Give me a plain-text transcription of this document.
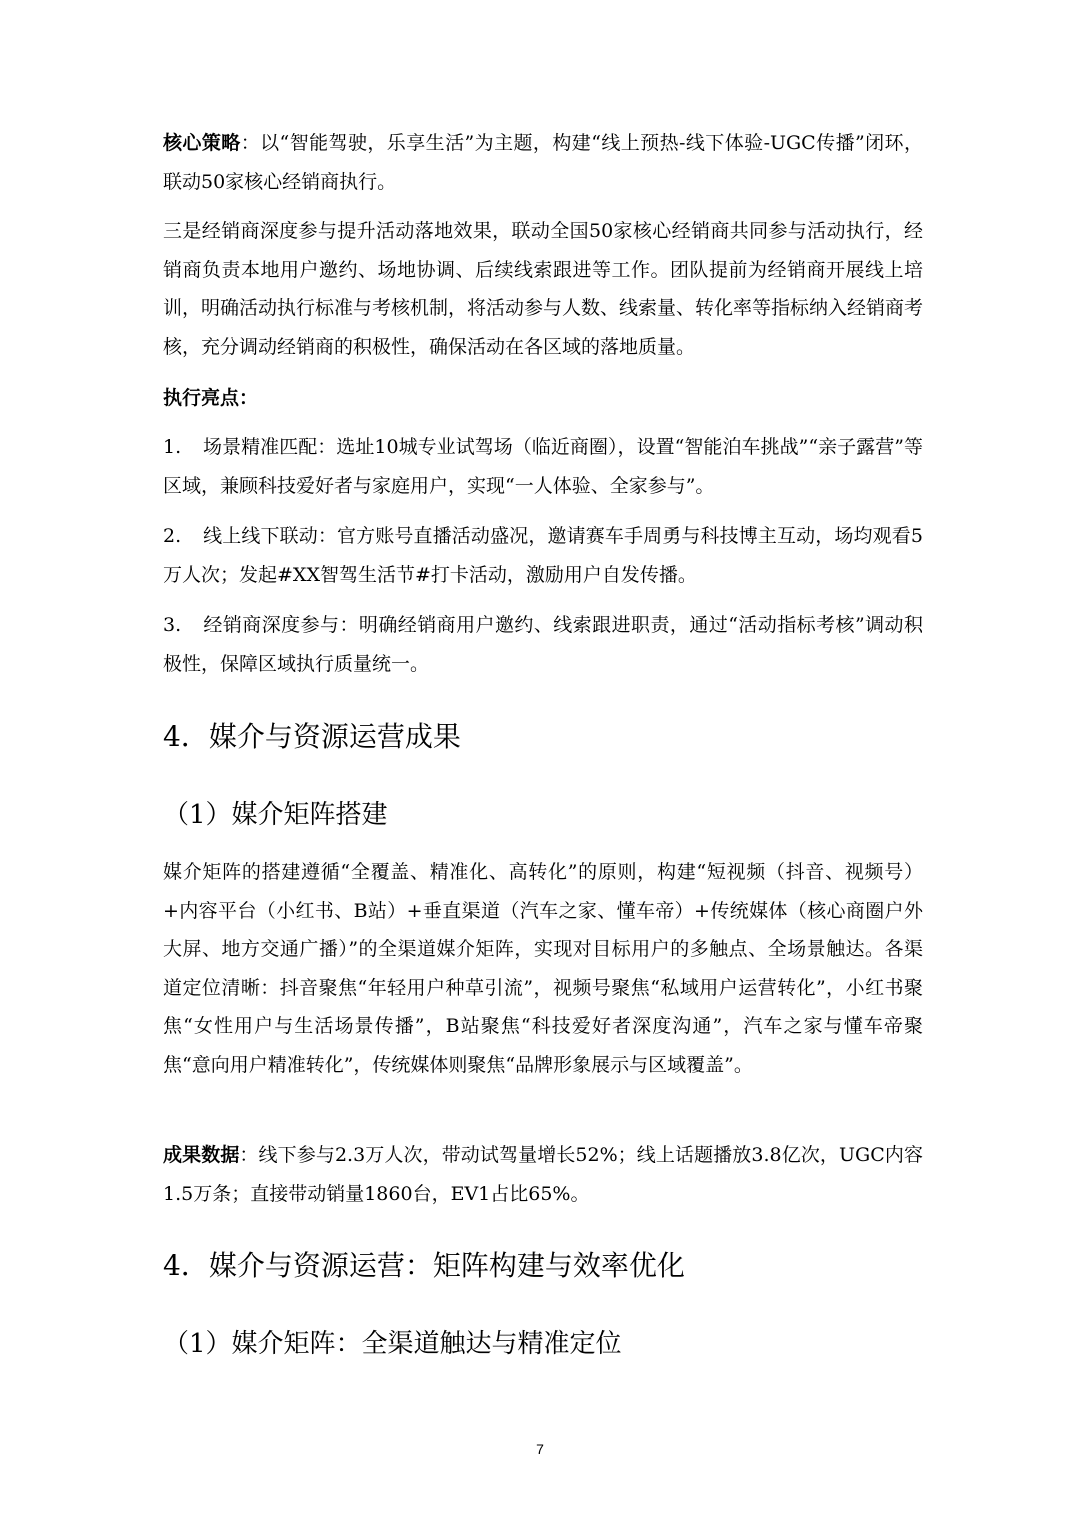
核心策略：以“智能驾驶，乐享生活”为主题，构建“线上预热-线下体验-UGC传播”闭环，联动50家核心经销商执行。

三是经销商深度参与提升活动落地效果，联动全国50家核心经销商共同参与活动执行，经销商负责本地用户邀约、场地协调、后续线索跟进等工作。团队提前为经销商开展线上培训，明确活动执行标准与考核机制，将活动参与人数、线索量、转化率等指标纳入经销商考核，充分调动经销商的积极性，确保活动在各区域的落地质量。

执行亮点：

1. 场景精准匹配：选址10城专业试驾场（临近商圈），设置“智能泊车挑战”“亲子露营”等区域，兼顾科技爱好者与家庭用户，实现“一人体验、全家参与”。

2. 线上线下联动：官方账号直播活动盛况，邀请赛车手周勇与科技博主互动，场均观看5万人次；发起#XX智驾生活节#打卡活动，激励用户自发传播。

3. 经销商深度参与：明确经销商用户邀约、线索跟进职责，通过“活动指标考核”调动积极性，保障区域执行质量统一。

4．媒介与资源运营成果
（1）媒介矩阵搭建

媒介矩阵的搭建遵循“全覆盖、精准化、高转化”的原则，构建“短视频（抖音、视频号）+内容平台（小红书、B站）+垂直渠道（汽车之家、懂车帝）+传统媒体（核心商圈户外大屏、地方交通广播）”的全渠道媒介矩阵，实现对目标用户的多触点、全场景触达。各渠道定位清晰：抖音聚焦“年轻用户种草引流”，视频号聚焦“私域用户运营转化”，小红书聚焦“女性用户与生活场景传播”，B站聚焦“科技爱好者深度沟通”，汽车之家与懂车帝聚焦“意向用户精准转化”，传统媒体则聚焦“品牌形象展示与区域覆盖”。

成果数据：线下参与2.3万人次，带动试驾量增长52%；线上话题播放3.8亿次，UGC内容1.5万条；直接带动销量1860台，EV1占比65%。

4．媒介与资源运营：矩阵构建与效率优化
（1）媒介矩阵：全渠道触达与精准定位
7
